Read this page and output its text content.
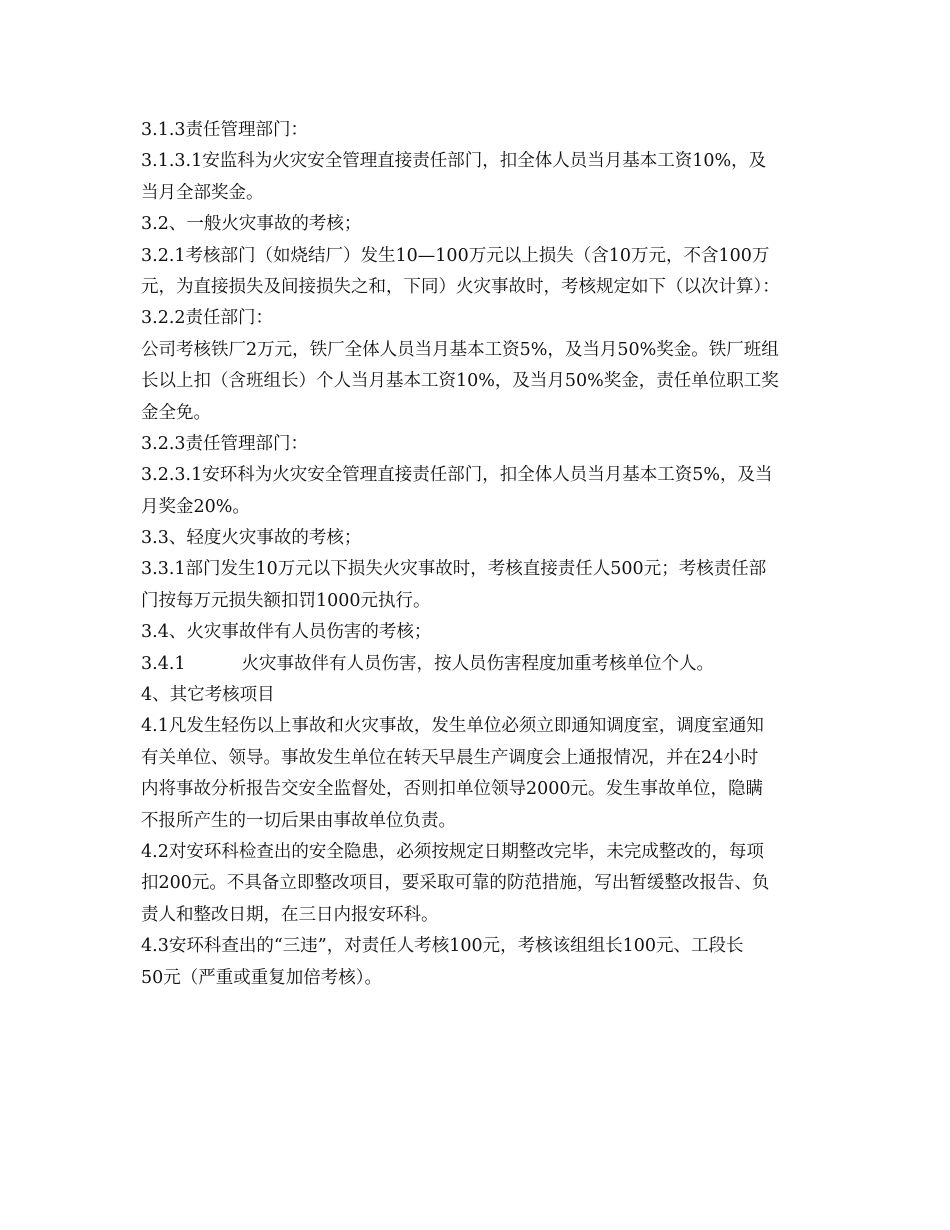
3.1.3责任管理部门：
3.1.3.1安监科为火灾安全管理直接责任部门，扣全体人员当月基本工资10%，及
当月全部奖金。
3.2、一般火灾事故的考核；
3.2.1考核部门（如烧结厂）发生10—100万元以上损失（含10万元，不含100万
元，为直接损失及间接损失之和，下同）火灾事故时，考核规定如下（以次计算）：
3.2.2责任部门：
公司考核铁厂2万元，铁厂全体人员当月基本工资5%，及当月50%奖金。铁厂班组
长以上扣（含班组长）个人当月基本工资10%，及当月50%奖金，责任单位职工奖
金全免。
3.2.3责任管理部门：
3.2.3.1安环科为火灾安全管理直接责任部门，扣全体人员当月基本工资5%，及当
月奖金20%。
3.3、轻度火灾事故的考核；
3.3.1部门发生10万元以下损失火灾事故时，考核直接责任人500元；考核责任部
门按每万元损失额扣罚1000元执行。
3.4、火灾事故伴有人员伤害的考核；
3.4.1	火灾事故伴有人员伤害，按人员伤害程度加重考核单位个人。
4、其它考核项目
4.1凡发生轻伤以上事故和火灾事故，发生单位必须立即通知调度室，调度室通知
有关单位、领导。事故发生单位在转天早晨生产调度会上通报情况，并在24小时
内将事故分析报告交安全监督处，否则扣单位领导2000元。发生事故单位，隐瞒
不报所产生的一切后果由事故单位负责。
4.2对安环科检查出的安全隐患，必须按规定日期整改完毕，未完成整改的，每项
扣200元。不具备立即整改项目，要采取可靠的防范措施，写出暂缓整改报告、负
责人和整改日期，在三日内报安环科。
4.3安环科查出的“三违”，对责任人考核100元，考核该组组长100元、工段长
50元（严重或重复加倍考核）。
